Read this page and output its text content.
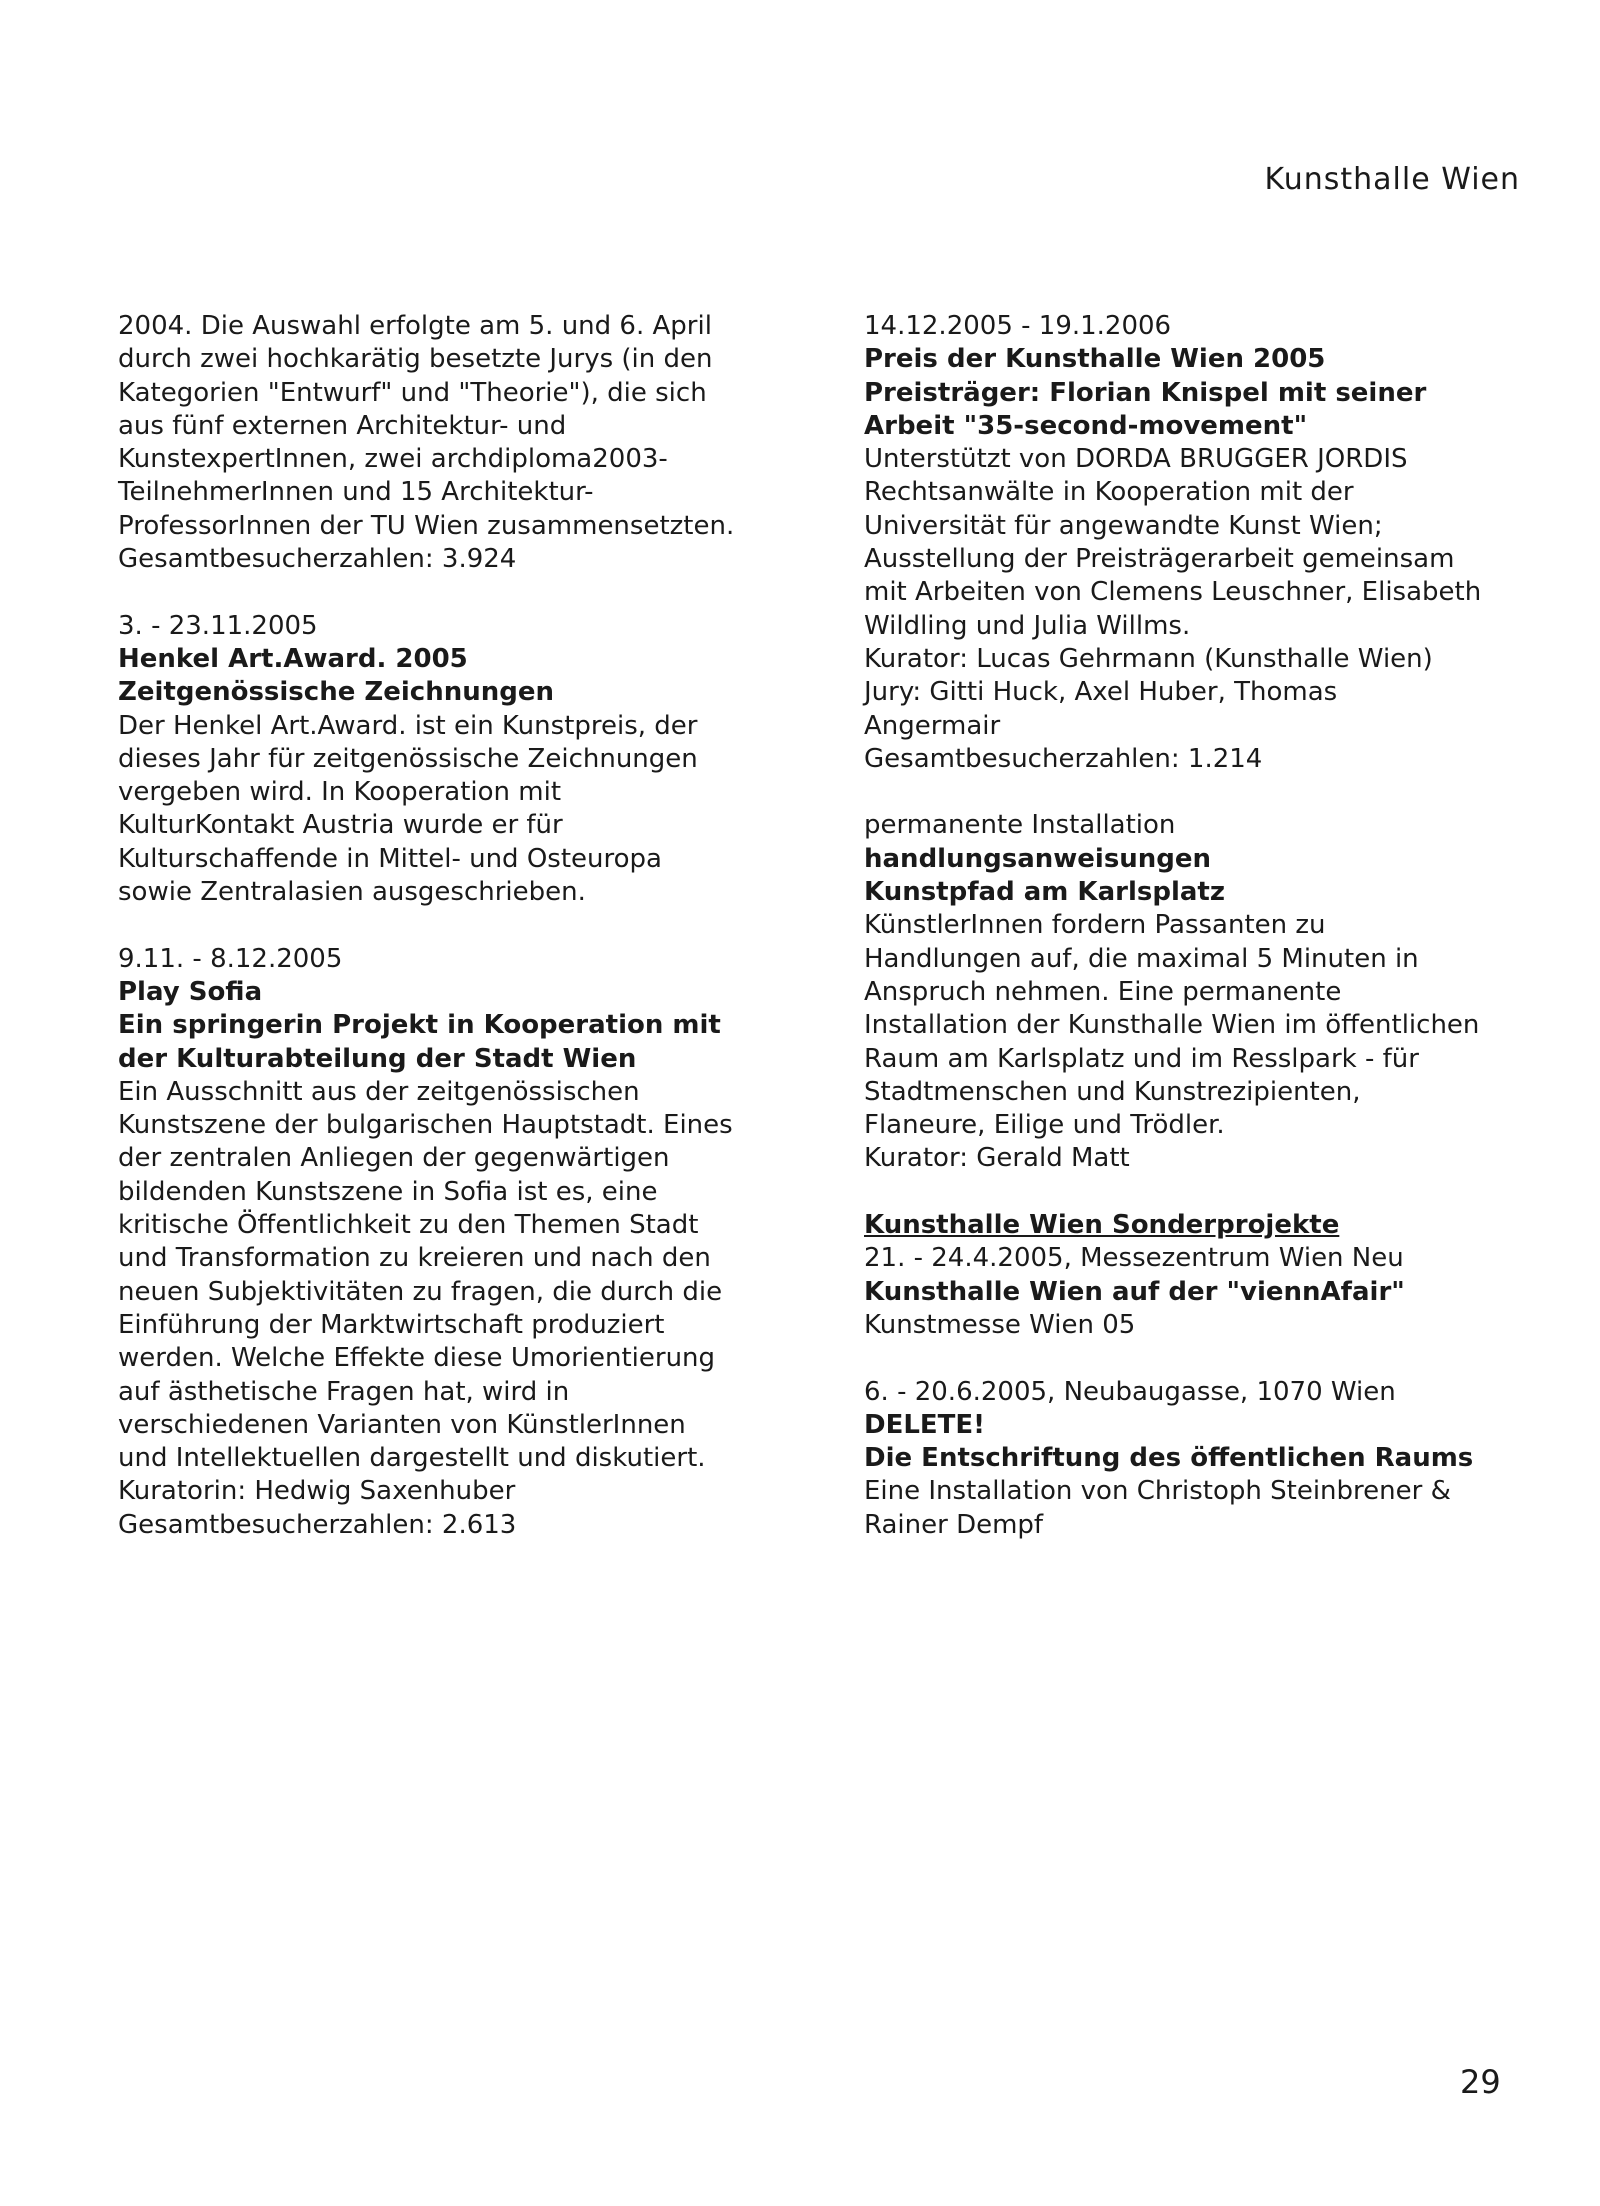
Kunsthalle Wien
2004. Die Auswahl erfolgte am 5. und 6. April
durch zwei hochkarätig besetzte Jurys (in den
Kategorien "Entwurf" und "Theorie"), die sich
aus fünf externen Architektur- und
KunstexpertInnen, zwei archdiploma2003-
TeilnehmerInnen und 15 Architektur-
ProfessorInnen der TU Wien zusammensetzten.
Gesamtbesucherzahlen: 3.924
3. - 23.11.2005
Henkel Art.Award. 2005
Zeitgenössische Zeichnungen
Der Henkel Art.Award. ist ein Kunstpreis, der
dieses Jahr für zeitgenössische Zeichnungen
vergeben wird. In Kooperation mit
KulturKontakt Austria wurde er für
Kulturschaffende in Mittel- und Osteuropa
sowie Zentralasien ausgeschrieben.
9.11. - 8.12.2005
Play Sofia
Ein springerin Projekt in Kooperation mit
der Kulturabteilung der Stadt Wien
Ein Ausschnitt aus der zeitgenössischen
Kunstszene der bulgarischen Hauptstadt. Eines
der zentralen Anliegen der gegenwärtigen
bildenden Kunstszene in Sofia ist es, eine
kritische Öffentlichkeit zu den Themen Stadt
und Transformation zu kreieren und nach den
neuen Subjektivitäten zu fragen, die durch die
Einführung der Marktwirtschaft produziert
werden. Welche Effekte diese Umorientierung
auf ästhetische Fragen hat, wird in
verschiedenen Varianten von KünstlerInnen
und Intellektuellen dargestellt und diskutiert.
Kuratorin: Hedwig Saxenhuber
Gesamtbesucherzahlen: 2.613
14.12.2005 - 19.1.2006
Preis der Kunsthalle Wien 2005
Preisträger: Florian Knispel mit seiner
Arbeit "35-second-movement"
Unterstützt von DORDA BRUGGER JORDIS
Rechtsanwälte in Kooperation mit der
Universität für angewandte Kunst Wien;
Ausstellung der Preisträgerarbeit gemeinsam
mit Arbeiten von Clemens Leuschner, Elisabeth
Wildling und Julia Willms.
Kurator: Lucas Gehrmann (Kunsthalle Wien)
Jury: Gitti Huck, Axel Huber, Thomas
Angermair
Gesamtbesucherzahlen: 1.214
permanente Installation
handlungsanweisungen
Kunstpfad am Karlsplatz
KünstlerInnen fordern Passanten zu
Handlungen auf, die maximal 5 Minuten in
Anspruch nehmen. Eine permanente
Installation der Kunsthalle Wien im öffentlichen
Raum am Karlsplatz und im Resslpark - für
Stadtmenschen und Kunstrezipienten,
Flaneure, Eilige und Trödler.
Kurator: Gerald Matt
Kunsthalle Wien Sonderprojekte
21. - 24.4.2005, Messezentrum Wien Neu
Kunsthalle Wien auf der "viennAfair"
Kunstmesse Wien 05
6. - 20.6.2005, Neubaugasse, 1070 Wien
DELETE!
Die Entschriftung des öffentlichen Raums
Eine Installation von Christoph Steinbrener &
Rainer Dempf
29
